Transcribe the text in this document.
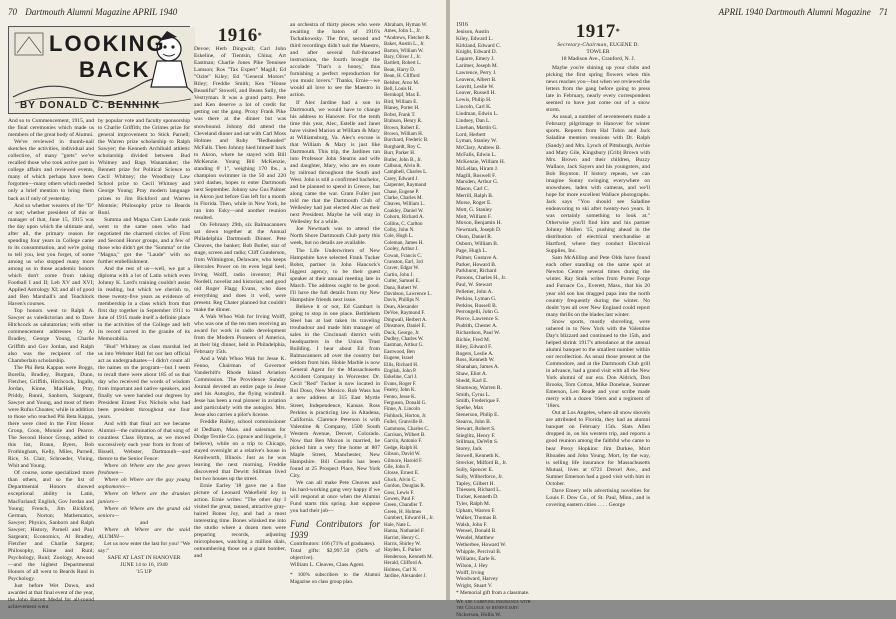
70 Dartmouth Alumni Magazine APRIL 1940
LOOKING
BACK
BY DONALD C. BENNINK

And so to Commencement, 1915, and the final ceremonies which made us members of the great body of Alumni.

We've reviewed in thumb-nail sketches the activities, individual and collective, of many "grets" we've recalled those who took active part in college affairs and reviewed events, many of which perhaps have been forgotten—many others which needed only a brief mention to bring them back as if only of yesterday.

And so whether wearers of the "D" or not; whether president of this or manager of that, June 15, 1915 was the day upon which the ultimate and, after all, the primary reason for spending four years in College came to its consummation, and we're going to tell you, lest you forget, of some among us who stopped many more among us in those academic honors which don't come from taking Football I and II; Leb XV and XVI; Applied Astrology XI; and all of good and Ben Marshall's and Teachlock Haven's courses.

Top honors went to Ralph A. Sawyer as valedictorian and to Dave Hitchcock as salutatorian; with other commencement addresses by Al Bradley, George Young, Charlie Griffith and Gov Jordan, and Ralph also was the recipient of the Chamberlain scholarship.

The Phi Beta Kappas were Boggs, Borella, Bradley, Burgum, Dunn, Fletcher, Griffith, Hitchcock, Ingalls, Jordan, Kinne, MacHale, Pray, Priddy, Runnl, Sanborn, Sargeant, Sawyer and Young, and most of them were Rufus Choates; while in addition to those who reached Phi Beta Kappa, there were cited in the First Honor Group, Coon, Monnie and Pearce. The Second Honor Group, added to this list, Braun, Byers, Bob Frothingham, Kelly, Miles, Parnell, Rice, St. Clair, Schroeder, Vining, Whit and Young.

Of course, some specialized more than others, and so the list of Departmental Honors showed exceptional ability in Latin, MacFarland; English, Gov Jordan and Young; French, Jim Bickford, German, Norton; Mathematics, Sawyer; Physics, Sanborn and Ralph Sawyer; History, Parnell and Paul Sargeant; Economics, Al Bradley, Fletcher and Charlie Sargent; Philosophy, Kinne and Runl; Psychology, Runl; Zoology, Atwood—and the highest Departmental Honors of all went to Beards Runl in Psychology.

Just before Wet Down, and awarded at that final event of the year, the John Barrett Medal for all-round achievement went

by popular vote and faculty sponsorship to Charlie Griffith; the Grimes prize for general improvement to Stick Parnell; the Warren prize scholarship to Ralph Sawyer; the Kenneth Archibald athletic scholarship divided between Bud Whitney and Bags Wanamaker; the Bennett prize for Political Science to Cecil Whitney; the Woodbury Law School prize to Cecil Whitney and George Young; Pray modern language prizes to Jim Bickford and Warren Montsie; Philosophy prize to Beards Runl.

Summa and Magna Cum Laude rank went to the same ones who had negotiated the charmed circles of First and Second Honor groups, and a few of those who didn't get the "Summa" or the "Magna," got the "Laude" with no further embellishment.

And the rest of us—well, we got a diploma with a lot of Latin which even Johnny K. Lord's training couldn't assist in reading, but which we cherish to, these twenty-five years as evidence of membership in a class which from that first day together in September 1911 to June of 1915 made itself a definite place in the activities of the College and left its record carved in the granite of its Memorabilia.

"Bud" Whitney as class marshal led us into Webster Hall for our last official act as undergraduates—I didn't count all the names on the program—but I seem to recall there were about 185 of us that day who received the words of wisdom from important and native speakers, and finally we were handed our degrees by President Ernest Fox Nichols who had been president throughout our four years.

And with that final act we became Alumni—the culmination of that song of countless Class Hymns, as we moved successively each year from in front of Bissell, Webster, Dartmouth—and thence to the Senior Fence:

Where oh Where are the pea green freshmen—

Where oh Where are the gay young sophomores—

Where oh Where are the drunken juniors—

Where oh Where are the grand old seniors—

and

Where oh Where are the staid ALUMNI—

Let us now enter the last for you! "We say:"

SAFE AT LAST IN HANOVER

JUNE 14 to 16, 1940

'15 UP

1916*

Devoe; Herb Dingwall; Carl John Eskeline, of Tientsin, China; Art Eastman; Charlie Jones Pike Tennisee Lamson; Ros "Tax Expert" Magill; Ed "Ozite" Kiley; Ed "General Motors" Riley; Freddie Smith; Ken "House Beautiful" Stowell, and Beans Sully, the Vestryman. It was a grand party. Pete and Ken deserve a lot of credit for getting out the gang. Proxy Frank Pike was there at the dinner but was snowbound. Johnny did attend the Cleveland dinner and sat with Carl Moss Holmes and Ruby "Redheaded" McFalls. Then Johnny hied himself back to Akron, where he stayed with Bill McKenzie. Young Bill McKenzie, standing 6' 1", weighing 170 lbs., a champion swimmer in the 50 and 220 yard dashes, hopes to enter Dartmouth next September. Johnny saw Gus Palmer in Akron just before Gus left for a month in Florida. Then, while in New York, he ran into Esky—and another reunion resulted.

On February 29th, six Balmacanners sat down together at the Annual Philadelphia Dartmouth Dinner. Pete Cleaves, the banker; Bob Butler, star of stage, screen and radio; Cliff Gunderson, from Wilmington, Delaware, who keeps Hercules Power on its even legal keel; Irving Wolff, radio inventor; Phil Nordell, novelist and historian; and good old Roger Flagg Evans, who does everything and does it well, were present. Reg Chater planned but couldn't make the dinner.

A Wah Whoo Wah for Irving Wolff, who was one of the ten men receiving an award for work in radio development from the Modern Pioneers of America, at their big dinner, held in Philadelphia, February 15th.

And a Wah Whoo Wah for Jesse K. Fenno, Chairman of Governor Vanderbilt's Rhode Island Aviation Commission. The Providence Sunday Journal devoted an entire page to Jesse and his Autogiro, the flying windmill. Jesse has been a real pioneer in aviation and particularly with the autogiro. Mrs. Jesse also carries a pilot's license.

Freddie Bailey, school commissioner at Dedham, Mass. and salesman for Dodge Textile Co. (spruce and lingerie, I believe), while on a trip to Chicago, stayed overnight at a relative's house in Kenilworth, Illinois. Just as he was leaving the next morning, Freddie discovered that Dewitt Stillman lived but two houses up the street.

Ernie Earley '18 gave me a fine picture of Leonard Wakefield Joy in action. Ernie writes: "The other day I visited the great, tanned, attractive gray-haired Bones Joy, and had a most interesting time. Bones whisked me into the studio where a dozen men were preparing records, adjusting microphones, watching a million dials, outnumbering those on a giant bomber, and

an orchestra of thirty pieces who were awaiting the baton of 1916's Tschaikowsky. The first, second and third recordings didn't suit the Maestro, and after several full-throated instructions, the fourth brought the accolade 'That's a honey,' thus furnishing a perfect reproduction for you music lovers." Thanks, Ernie—we would all love to see the Maestro in action.

If Alec Jardine had a son in Dartmouth, we would have to change his address to Hanover. For the tenth time this year, Alec, Estelle and Janet have visited Marion at William & Mary at Williamsburg, Va. Alec's excuse is that William & Mary is just like Dartmouth. This trip, the Jardines ran into Professor John Stearns and wife and daughter, Mary, who are en route by railroad throughout the South and West. John is still a confirmed bachelor, and he planned to spend in Greece, but along came the war. Gram Fuller just told me that the Dartmouth Club of Wellesley had just elected Alec as their next President. Maybe he will stay in Wellesley for a while.

Joe Newmark was to attend the North Shore Dartmouth Club party this week, but no details are available.

The Life Underwriters of New Hampshire have selected Frank Tucker Bobst, partner in John Hancock's biggest agency, to be their guest speaker at their annual meeting late in March. The address ought to be good. I'll have the full details from my New Hampshire friends next issue.

Believe it or not, Ed Gambart is going to stop in one place. Bethlehem Steel has at last taken its traveling troubadour and made him manager of sales in the Cincinnati district with headquarters in the Union Trust Building. I hear about Ed from Balmacanners all over the country but seldom from him. Hobie Marble is now General Agent for the Massachusetts Accident Company in Worcester. Dr. Cecil "Red" Tucker is now located in Rui Doso, New Mexico. Rob Wass has a new address at 315 East Myrtle Street, Independence, Kansas. Ross Perkins is practicing law in Altadena, California. Clarence Peterson is with Valentine & Company, 1500 South Western Avenue, Denver, Colorado. Now that Ben Moxon is married, he picked him a very fine home at 807 Maple Street, Manchester, New Hampshire. Bill Costello has been found at 25 Prospect Place, New York City.

We can all make Pete Cleaves and his hard-working gang very happy if we will respond at once when the Alumni Fund starts this spring. Just suppose you had their job—

Fund Contributors for 1939

Contributors: 166 (71% of graduates).

Total gifts: $2,997.50 (94% of objective).

William L. Cleaves, Class Agent.

* 100% subscribers to the Alumni Magazine on class group plan.

Abraham, Hyman W.
Ames, John L., Jr.
*Andrews, Fletcher R.
Baker, Austin L., Jr.
Barton, William W.
Bary, Oliver J., Jr.
Bartlett, Robert L.
Bean, Harry D.
Bean, H. Clifford
Belsher, Arno M.
Bell, Louis H.
Bernkopf, Max E.
Bird, William E.
Blaney, Porter H.
Bobst, Frank T.
Brabson, Henry R.
Brown, Robert E.
Brown, William H.
Burchard, Frederic B.
Burghardt, Roy C.
Burr, Parker H.
Butler, John B., Jr.
Calhoun, Alvin R.
Campbell, Charles L.
Carey, Edward J.
Carpenter, Raymond
Chase, Eugene P.
Clarke, Charles M.
Cleaves, William L.
Coakley, Daniel W.
Cohorn, Richard A.
Collins, C. Carlton
Colby, John N.
Cole, Hugh L.
Coleman, James H.
Cooley, Arthur J.
Cowan, Francis C.
Cranston, Earl, 3rd
Craver, Edgar W.
Curtin, John J.
Cutler, Samuel E.
Dana, Robert W.
Davidson, Lawrence L.
Davis, Phillips N.
Dean, Alexander
DeVoe, Raymond F.
Dingwall, Herbert A.
Dinsmore, Daniel E.
Duck, George, Jr.
Dudley, Charles W.
Eastman, Arthur G.
Eastwood, Ben
Eugene, Israel
Ellis, Richard H.
English, John P.
Eskeline, Carl J.
Evans, Roger F.
Fearey, John K.
Fenno, Jesse K.
Ferguson, Donald G.
Finne, A. Lincoln
Fishback, Horton, Jr.
Fuller, Granville B.
Gammons, Charles C.
Garrison, Wilbert B.
Garvin, Antonio F.
Gedge, Ralph H.
Gibson, David W.
Gilmore, Harold F.
Gile, John F.
Glosse, Ernest E.
Gluck, Alvin C.
Gordon, Douglas R.
Goss, Lewis F.
Gowen, Paul F.
Green, Chandler T.
Green, H. Holmes
Gumbert, Edward H., Jr.
Hale, Nate L.
Hanna, Nathaniel F.
Harriot, Henry C.
Harris, Shirley W.
Hayden, E. Parker
Henderson, Kenneth M.
Herald, Clifford A.
Holmes, Carl N.
Jardine, Alexander J.
APRIL 1940 Dartmouth Alumni Magazine 71
1916
Jenison, Austin
Kiley, Edward L.
Kirkland, Edward C.
Knight, Edward D.
Laparre, Emery J.
Larimer, Joseph M.
Lawrence, Perry J.
Leavens, Albert B.
Leavitt, Leslie W.
Leaver, Russell H.
Lewis, Philip H.
Lincoln, Carl K.
Lindman, Edwin L.
Lindsey, Dan L.
Linehan, Martin G.
Lord, Herbert
Lyman, Stanley W.
McClary, Andrew B.
McFalls, Edwin L.
McKenzie, William H.
McLellan, Hiram J.
Magill, Roswell F.
Marsden, Arthur G.
Mason, Carl C.
Merrill, Ralph B.
Morse, Roger E.
Mott, G. Stanley
Mott, William F.
Moxon, Benjamin H.
Newmark, Joseph D.
Olson, Daniel R.
Osborn, William B.
Page, Hugh L.
Palmer, Gustave A.
Parker, Howard B.
Parkhurst, Richard
Parsons, Charles H., Jr.
Paul, W. Stewart
Pelletier, John A.
Perkins, Lyman G.
Perkins, Russell B.
Perrongelli, John G.
Pierce, Lawrence S.
Pudrith, Chester A.
Richardson, Paul W.
Richie, Fred M.
Riley, Edward F.
Rogers, Leslie A.
Ross, Kenneth W.
Shanahan, James A.
Shaw, Eliot A.
Shedd, Karl E.
Shumway, Warren R.
Smith, Cyrus L.
Smith, Frederique F.
Spelke, Max
Stenerson, Philip E.
Stearns, John B.
Stewart, Robert S.
Stieglitz, Henry F.
Stillman, DeWitt S.
Storey, Jack
Stowell, Kenneth K.
Strecker, Milford B., Jr.
Sully, Spencer E.
Sully, Wilberforce, Jr.
Tapley, Gilbert H.
Thiessen, Richard L.
Tucker, Kenneth D.
Tyler, Ralph M.
Upham, Warren F.
Walker, Thomas B.
Walsh, John F.
Wensel, Donald B.
Wendel, Matthew
Wetherbee, Howard W.
Whipple, Percival B.
Williams, Earle K.
Wilson, J. Hey
Wolff, Irving
Woodward, Harvey
Wright, Stuart V.
* Memorial gift from a classmate.
We are carrying insurance with the College as beneficiary:
Nickerson, Hollis W.
1917*
Secretary-Chairman, EUGENE D. TOWLER
18 Madison Ave., Cranford, N. J.

Maybe you're shining up your clubs and picking the first spring flowers when this news reaches you—but when we reviewed the letters from the gang before going to press late in February, nearly every correspondent seemed to have just come out of a snow storm.

As usual, a number of seventeeners made a February pilgrimage to Hanover for winter sports. Reports from Hal Tobin and Jack Saladine mention reunions with Dr. Ralph (Sandy) and Mrs. Lynch of Pittsburgh, Archie and Mary Gile, Kingsbury (Crib) Brown with Mrs. Brown and their children, Buzzy Wallace, Jack Sayers and his youngsters, and Bob Boynton. If history repeats, we can imagine Sunny swinging everywhere on snowshoes, laden with cameras, and we'll hope for more excellent Wallace photographs. Jack says "You should see Saladine endeavoring to ski after twenty-two years. It was certainly something to look at." Otherwise you'll find him and his partner Johnny Mullen '15, pushing ahead in the distribution of electrical merchandise at Hartford, where they conduct Electrical Supplies, Inc.

Sam McAlillop and Pete Olds have found each other standing on the same spot at Newton Centre several times during the winter. Ray Stalk writes from Porter Forge and Furnace Co., Everett, Mass., that his 20 year old son has dragged papa into the north country frequently during the winter. No doubt 'tyes all over New England could report many thrills on the blades last winter.

Snow sports, mostly shoveling, were ushered in to New York with the Valentine Day's blizzard and continued to the 15th, and helped shrink 1917's attendance at the annual alumni banquet to the smallest number within our recollection. As usual those present at the Commodore, and at the Dartmouth Club grill in advance, had a grand visit with all the New York alumni of our era. Don Aldrich, Don Brooks, Tom Cotton, Mike Donehue, Sumner Emerson, Len Reade and your scribe made merry with a dozen '16ers and a regiment of '18ers.

Out at Los Angeles, where all snow shovels are attributed to Florida, they had an alumni banquet on February 15th. Slats Allen dropped in, on his western trip, and reports a good reunion among the faithful who came to hear Prexy Hopkins: Jim Durkee, Mort Rhoades and John Young. Mort, by the way, is selling life insurance for Massachusetts Mutual, lives at 6721 Drexel Ave., and Sumner Emerson had a good visit with him in October.

Dave Emery tells advertising novelties for Louis F. Dow Co., of St. Paul, Minn., and is covering eastern cities . . . . George
